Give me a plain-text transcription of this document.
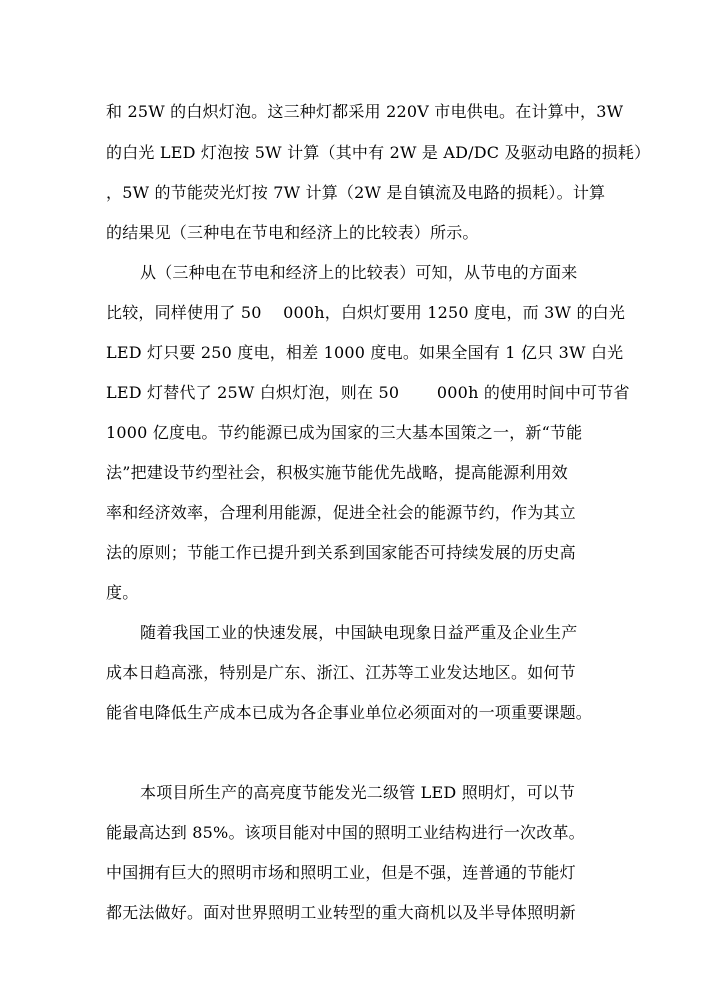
和 25W 的白炽灯泡。这三种灯都采用 220V 市电供电。在计算中，3W
的白光 LED 灯泡按 5W 计算（其中有 2W 是 AD/DC 及驱动电路的损耗）
，5W 的节能荧光灯按 7W 计算（2W 是自镇流及电路的损耗）。计算
的结果见（三种电在节电和经济上的比较表）所示。
从（三种电在节电和经济上的比较表）可知，从节电的方面来
比较，同样使用了 50　 000h，白炽灯要用 1250 度电，而 3W 的白光
LED 灯只要 250 度电，相差 1000 度电。如果全国有 1 亿只 3W 白光
LED 灯替代了 25W 白炽灯泡，则在 50　　 000h 的使用时间中可节省
1000 亿度电。节约能源已成为国家的三大基本国策之一，新“节能
法”把建设节约型社会，积极实施节能优先战略，提高能源利用效
率和经济效率，合理利用能源，促进全社会的能源节约，作为其立
法的原则；节能工作已提升到关系到国家能否可持续发展的历史高
度。
随着我国工业的快速发展，中国缺电现象日益严重及企业生产
成本日趋高涨，特别是广东、浙江、江苏等工业发达地区。如何节
能省电降低生产成本已成为各企事业单位必须面对的一项重要课题。
本项目所生产的高亮度节能发光二级管 LED 照明灯，可以节
能最高达到 85%。该项目能对中国的照明工业结构进行一次改革。
中国拥有巨大的照明市场和照明工业，但是不强，连普通的节能灯
都无法做好。面对世界照明工业转型的重大商机以及半导体照明新
